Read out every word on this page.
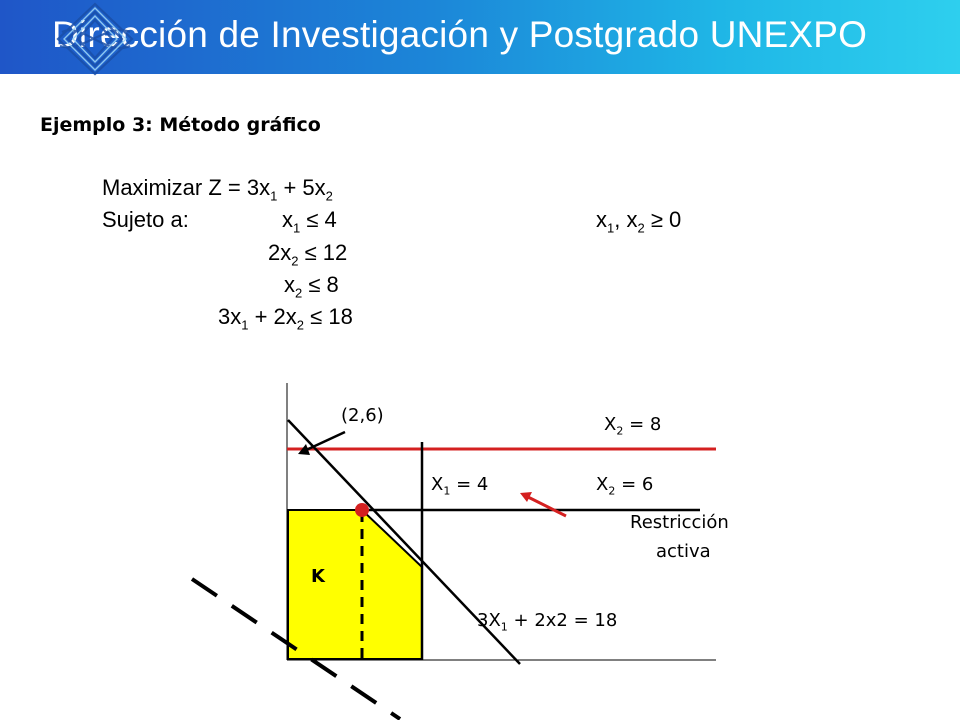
Dirección de Investigación y Postgrado UNEXPO
Ejemplo 3: Método gráfico
Maximizar $Z = 3x_1 + 5x_2$
Sujeto a:	$x_1 \le 4$	$x_1$, $x_2 \ge 0$
$2x_2 \le 12$
$x_2 \le 8$
$3x_1 + 2x_2 \le 18$
(2,6)	$X_2 = 8$
$X_1 = 4$	$X_2 = 6$
Restricción
activa
K
$3X_1 + 2x2 = 18$
